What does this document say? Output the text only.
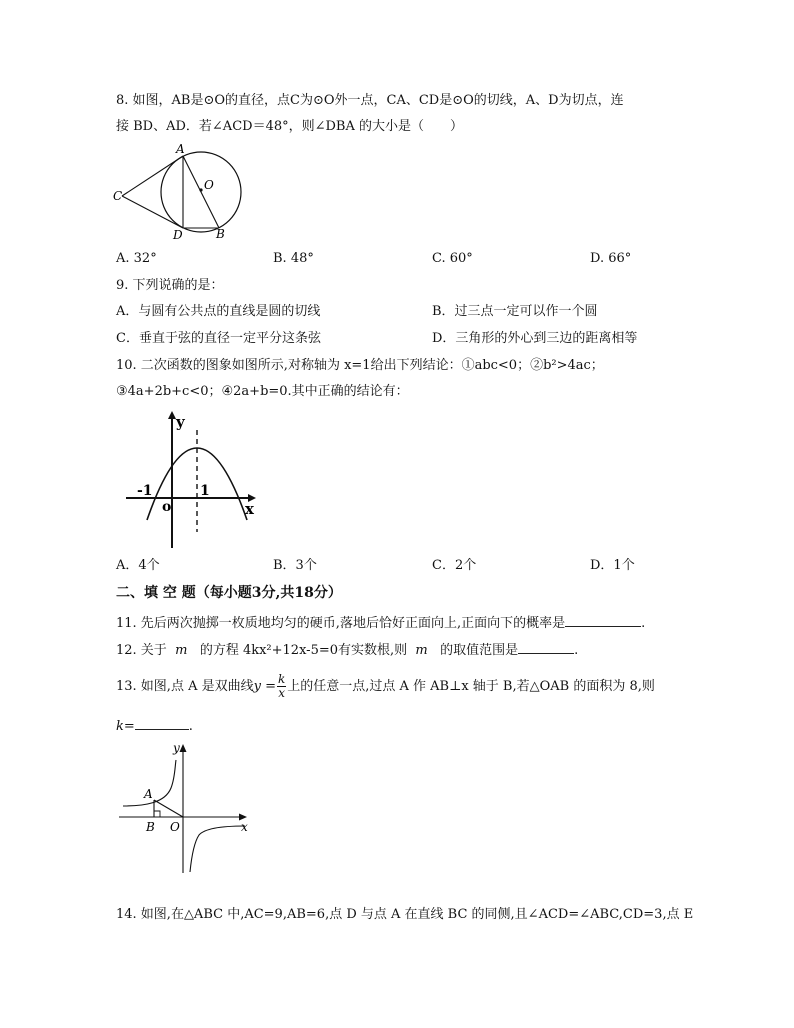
8. 如图，AB是⊙O的直径，点C为⊙O外一点，CA、CD是⊙O的切线，A、D为切点，连
接 BD、AD．若∠ACD＝48°，则∠DBA 的大小是（　　）
A
O
C
D	B
A. 32°	B. 48°	C. 60°	D. 66°
9. 下列说确的是：
A．与圆有公共点的直线是圆的切线	B．过三点一定可以作一个圆
C．垂直于弦的直径一定平分这条弦	D．三角形的外心到三边的距离相等
10. 二次函数的图象如图所示,对称轴为 x=1给出下列结论：①abc<0；②b²>4ac；
③4a+2b+c<0；④2a+b=0.其中正确的结论有：
y
x
-1	1
o
A．4个	B．3个	C．2个	D．1个
二、填 空 题（每小题3分,共18分）
11. 先后两次抛掷一枚质地均匀的硬币,落地后恰好正面向上,正面向下的概率是	.
12. 关于 m 的方程 4kx²+12x-5=0有实数根,则 m 的取值范围是	.
13. 如图,点 A 是双曲线$y = \frac{k}{x}$ 上的任意一点,过点 A 作 AB⊥x 轴于 B,若△OAB 的面积为 8,则
k=	.
y
x
A
B O
14. 如图,在△ABC 中,AC=9,AB=6,点 D 与点 A 在直线 BC 的同侧,且∠ACD=∠ABC,CD=3,点 E
